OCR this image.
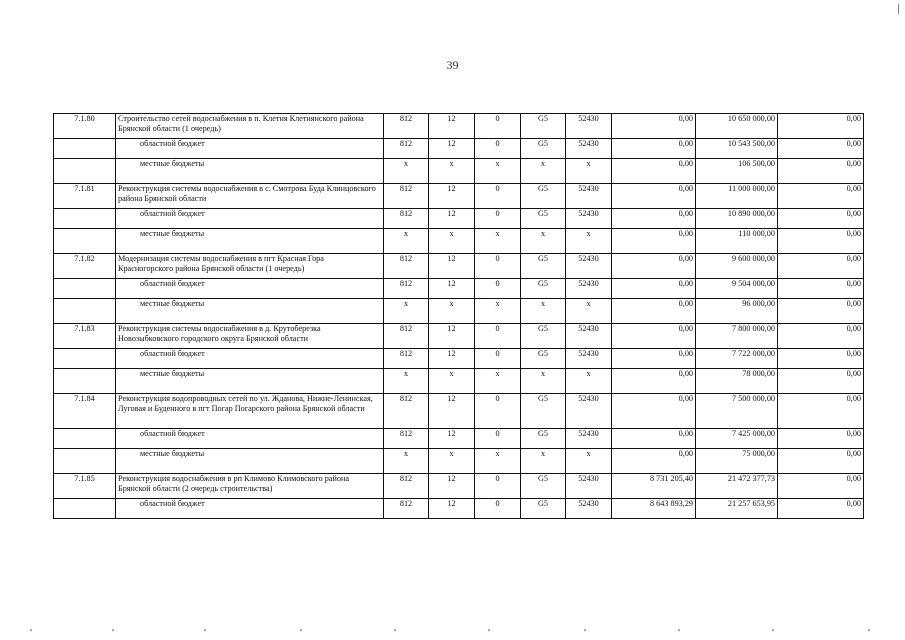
39
7.1.80	Строительство сетей водоснабжения в п. Клетня Клетнянского района Брянской области (1 очередь)	812	12	0	G5	52430	0,00	10 650 000,00	0,00
	областной бюджет	812	12	0	G5	52430	0,00	10 543 500,00	0,00
	местные бюджеты	x	x	x	x	x	0,00	106 500,00	0,00
7.1.81	Реконструкция системы водоснабжения в с. Смотрова Буда Клинцовского района Брянской области	812	12	0	G5	52430	0,00	11 000 000,00	0,00
	областной бюджет	812	12	0	G5	52430	0,00	10 890 000,00	0,00
	местные бюджеты	x	x	x	x	x	0,00	110 000,00	0,00
7.1.82	Модернизация системы водоснабжения в пгт Красная Гора Красногорского района Брянской области (1 очередь)	812	12	0	G5	52430	0,00	9 600 000,00	0,00
	областной бюджет	812	12	0	G5	52430	0,00	9 504 000,00	0,00
	местные бюджеты	x	x	x	x	x	0,00	96 000,00	0,00
7.1.83	Реконструкция системы водоснабжения в д. Крутоберезка Новозыбковского городского округа Брянской области	812	12	0	G5	52430	0,00	7 800 000,00	0,00
	областной бюджет	812	12	0	G5	52430	0,00	7 722 000,00	0,00
	местные бюджеты	x	x	x	x	x	0,00	78 000,00	0,00
7.1.84	Реконструкция водопроводных сетей по ул. Жданова, Нижне-Ленинская, Луговая и Буденного в пгт Погар Погарского района Брянской области	812	12	0	G5	52430	0,00	7 500 000,00	0,00
	областной бюджет	812	12	0	G5	52430	0,00	7 425 000,00	0,00
	местные бюджеты	x	x	x	x	x	0,00	75 000,00	0,00
7.1.85	Реконструкция водоснабжения в рп Климово Климовского района Брянской области (2 очередь строительства)	812	12	0	G5	52430	8 731 205,40	21 472 377,73	0,00
	областной бюджет	812	12	0	G5	52430	8 643 893,29	21 257 653,95	0,00
